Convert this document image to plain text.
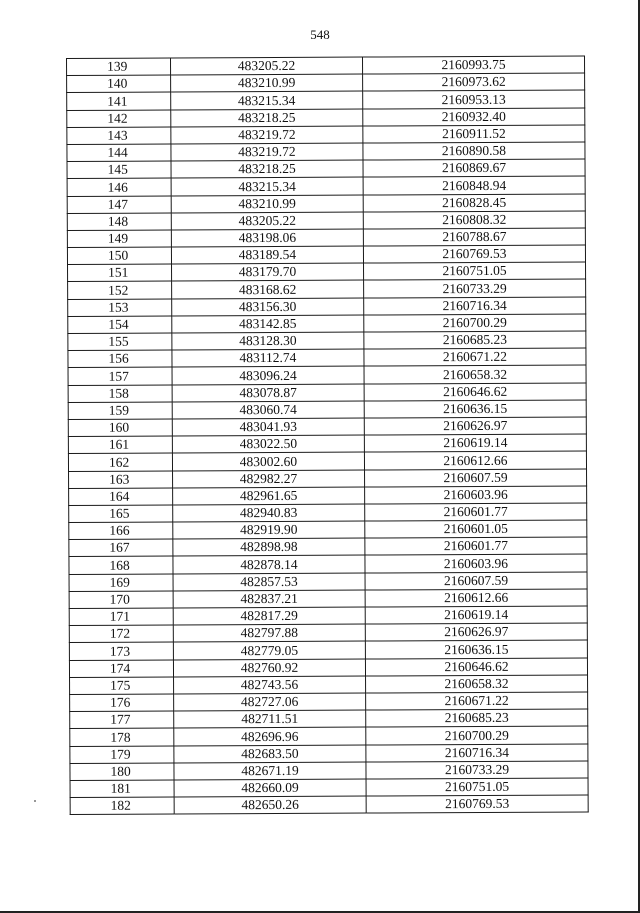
548
139	483205.22	2160993.75
140	483210.99	2160973.62
141	483215.34	2160953.13
142	483218.25	2160932.40
143	483219.72	2160911.52
144	483219.72	2160890.58
145	483218.25	2160869.67
146	483215.34	2160848.94
147	483210.99	2160828.45
148	483205.22	2160808.32
149	483198.06	2160788.67
150	483189.54	2160769.53
151	483179.70	2160751.05
152	483168.62	2160733.29
153	483156.30	2160716.34
154	483142.85	2160700.29
155	483128.30	2160685.23
156	483112.74	2160671.22
157	483096.24	2160658.32
158	483078.87	2160646.62
159	483060.74	2160636.15
160	483041.93	2160626.97
161	483022.50	2160619.14
162	483002.60	2160612.66
163	482982.27	2160607.59
164	482961.65	2160603.96
165	482940.83	2160601.77
166	482919.90	2160601.05
167	482898.98	2160601.77
168	482878.14	2160603.96
169	482857.53	2160607.59
170	482837.21	2160612.66
171	482817.29	2160619.14
172	482797.88	2160626.97
173	482779.05	2160636.15
174	482760.92	2160646.62
175	482743.56	2160658.32
176	482727.06	2160671.22
177	482711.51	2160685.23
178	482696.96	2160700.29
179	482683.50	2160716.34
180	482671.19	2160733.29
181	482660.09	2160751.05
182	482650.26	2160769.53
